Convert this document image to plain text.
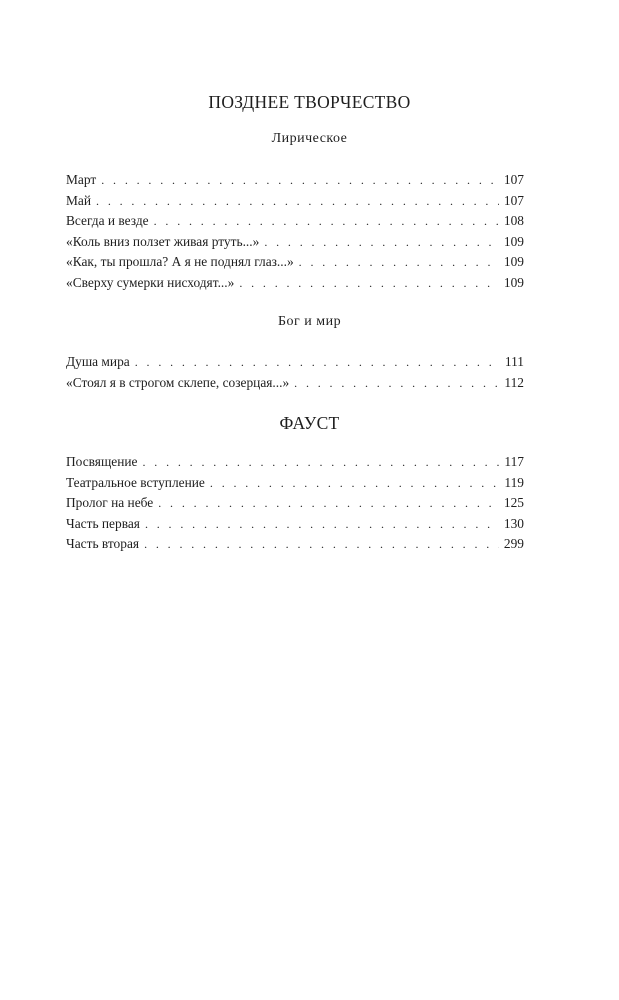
ПОЗДНЕЕ ТВОРЧЕСТВО
Лирическое
Март . . .	107
Май . . .	107
Всегда и везде . . .	108
«Коль вниз ползет живая ртуть...» . . .	109
«Как, ты прошла? А я не поднял глаз...» . . .	109
«Сверху сумерки нисходят...» . . .	109
Бог и мир
Душа мира . . .	111
«Стоял я в строгом склепе, созерцая...» . . .	112
ФАУСТ
Посвящение . . .	117
Театральное вступление . . .	119
Пролог на небе . . .	125
Часть первая . . .	130
Часть вторая . . .	299
